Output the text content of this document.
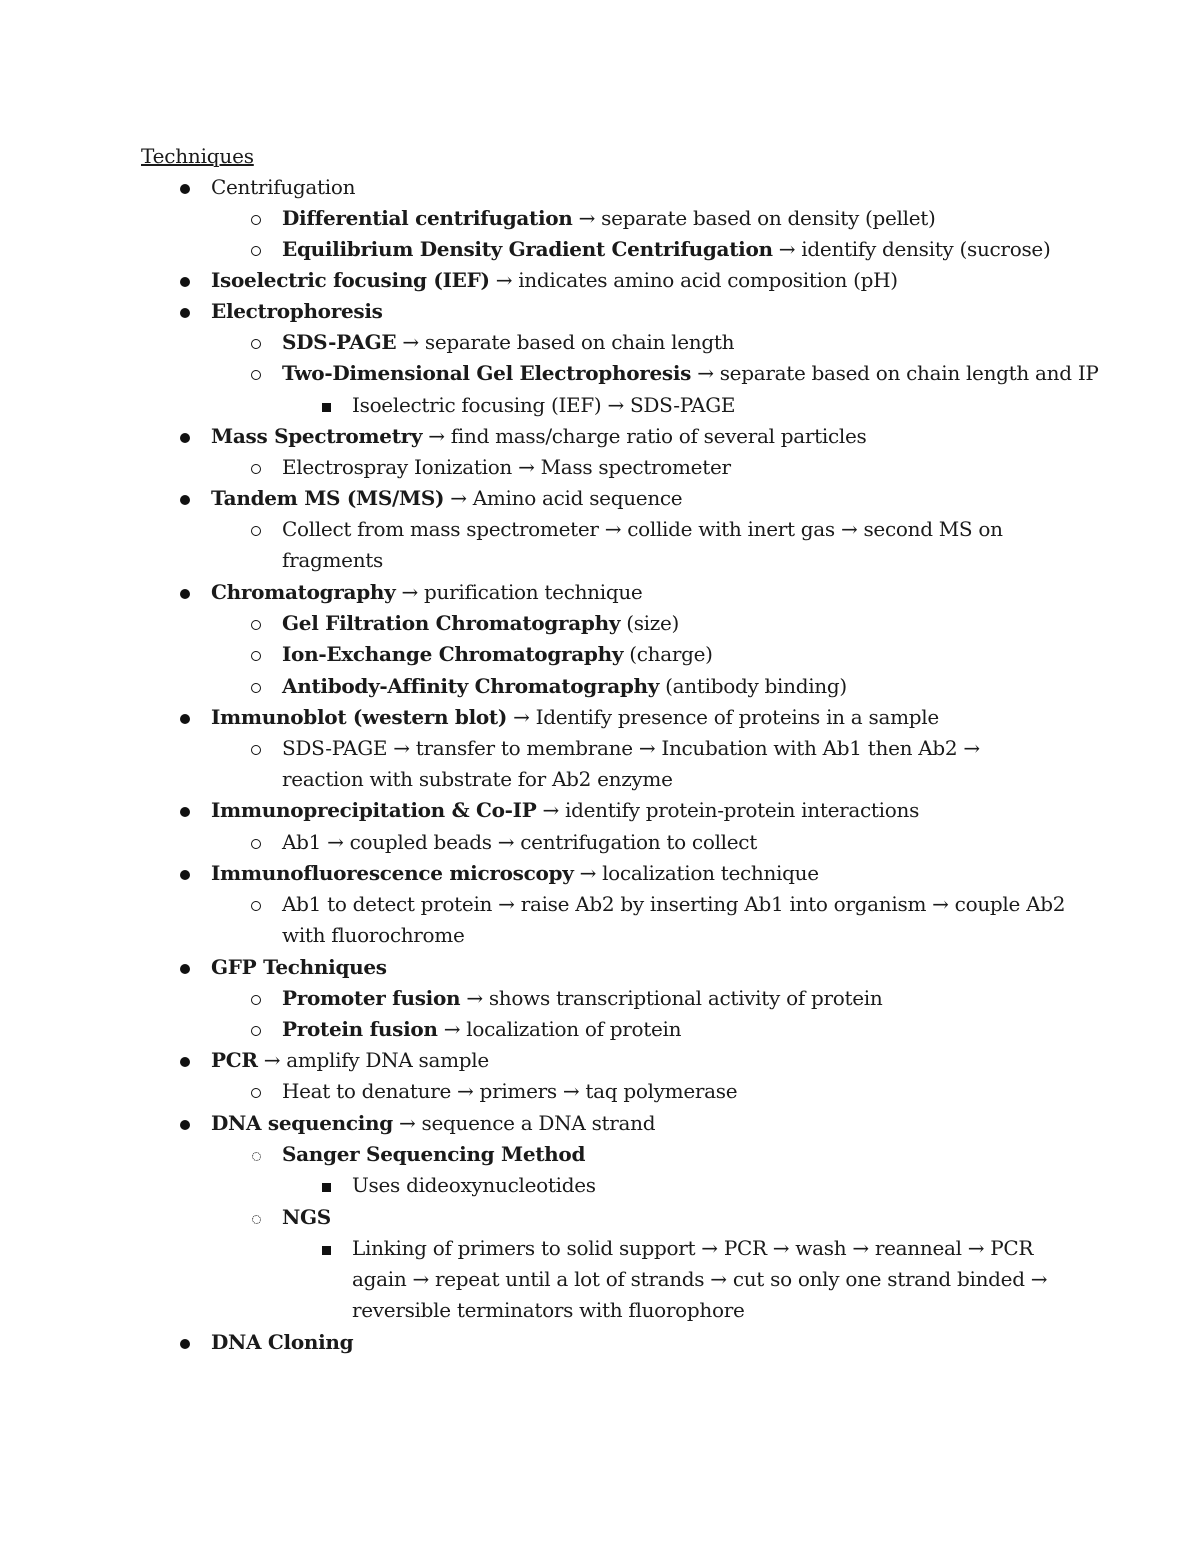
Techniques
Centrifugation
Differential centrifugation → separate based on density (pellet)
Equilibrium Density Gradient Centrifugation → identify density (sucrose)
Isoelectric focusing (IEF) → indicates amino acid composition (pH)
Electrophoresis
SDS-PAGE → separate based on chain length
Two-Dimensional Gel Electrophoresis → separate based on chain length and IP
Isoelectric focusing (IEF) → SDS-PAGE
Mass Spectrometry → find mass/charge ratio of several particles
Electrospray Ionization → Mass spectrometer
Tandem MS (MS/MS) → Amino acid sequence
Collect from mass spectrometer → collide with inert gas → second MS on
fragments
Chromatography → purification technique
Gel Filtration Chromatography (size)
Ion-Exchange Chromatography (charge)
Antibody-Affinity Chromatography (antibody binding)
Immunoblot (western blot) → Identify presence of proteins in a sample
SDS-PAGE → transfer to membrane → Incubation with Ab1 then Ab2 →
reaction with substrate for Ab2 enzyme
Immunoprecipitation & Co-IP → identify protein-protein interactions
Ab1 → coupled beads → centrifugation to collect
Immunofluorescence microscopy → localization technique
Ab1 to detect protein → raise Ab2 by inserting Ab1 into organism → couple Ab2
with fluorochrome
GFP Techniques
Promoter fusion → shows transcriptional activity of protein
Protein fusion → localization of protein
PCR → amplify DNA sample
Heat to denature → primers → taq polymerase
DNA sequencing → sequence a DNA strand
Sanger Sequencing Method
Uses dideoxynucleotides
NGS
Linking of primers to solid support → PCR → wash → reanneal → PCR
again → repeat until a lot of strands → cut so only one strand binded →
reversible terminators with fluorophore
DNA Cloning
